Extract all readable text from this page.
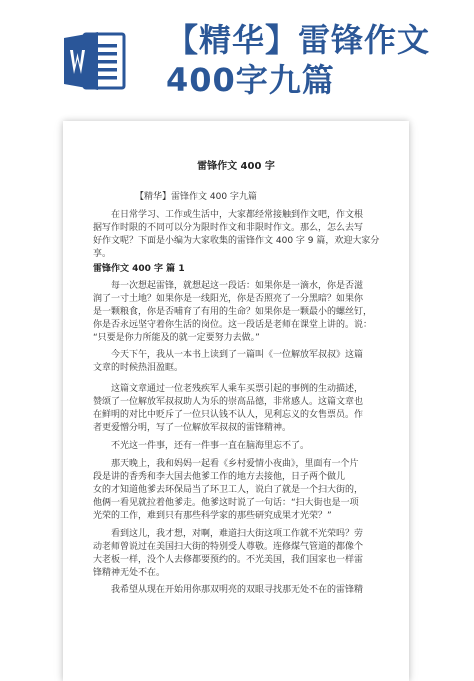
【精华】雷锋作文
400字九篇
雷锋作文 400 字
【精华】雷锋作文 400 字九篇
在日常学习、工作或生活中，大家都经常接触到作文吧，作文根
据写作时限的不同可以分为限时作文和非限时作文。那么，怎么去写
好作文呢？下面是小编为大家收集的雷锋作文 400 字 9 篇，欢迎大家分
享。
雷锋作文 400 字 篇 1
每一次想起雷锋，就想起这一段话：如果你是一滴水，你是否滋
润了一寸土地？如果你是一线阳光，你是否照亮了一分黑暗？如果你
是一颗粮食，你是否哺育了有用的生命？如果你是一颗最小的螺丝钉，
你是否永远坚守着你生活的岗位。这一段话是老师在课堂上讲的。说：
“只要是你力所能及的就一定要努力去做。”
今天下午，我从一本书上读到了一篇叫《一位解放军叔叔》这篇
文章的时候热泪盈眶。
这篇文章通过一位老残疾军人乘车买票引起的事例的生动描述，
赞颂了一位解放军叔叔助人为乐的崇高品德，非常感人。这篇文章也
在鲜明的对比中贬斥了一位只认钱不认人，见利忘义的女售票员。作
者更爱憎分明，写了一位解放军叔叔的雷锋精神。
不光这一件事，还有一件事一直在脑海里忘不了。
那天晚上，我和妈妈一起看《乡村爱情小夜曲》，里面有一个片
段是讲的香秀和李大国去他爹工作的地方去接他，日子两个做儿
女的才知道他爹去环保局当了环卫工人，说白了就是一个扫大街的，
他俩一看见就拉着他爹走。他爹这时说了一句话：“扫大街也是一项
光荣的工作，难到只有那些科学家的那些研究成果才光荣？”
看到这儿，我才想，对啊，难道扫大街这项工作就不光荣吗？劳
动老师曾说过在美国扫大街的特别受人尊敬。连修煤气管道的都像个
大老板一样，没个人去修都要预约的。不光美国，我们国家也一样雷
锋精神无处不在。
我希望从现在开始用你那双明亮的双眼寻找那无处不在的雷锋精
